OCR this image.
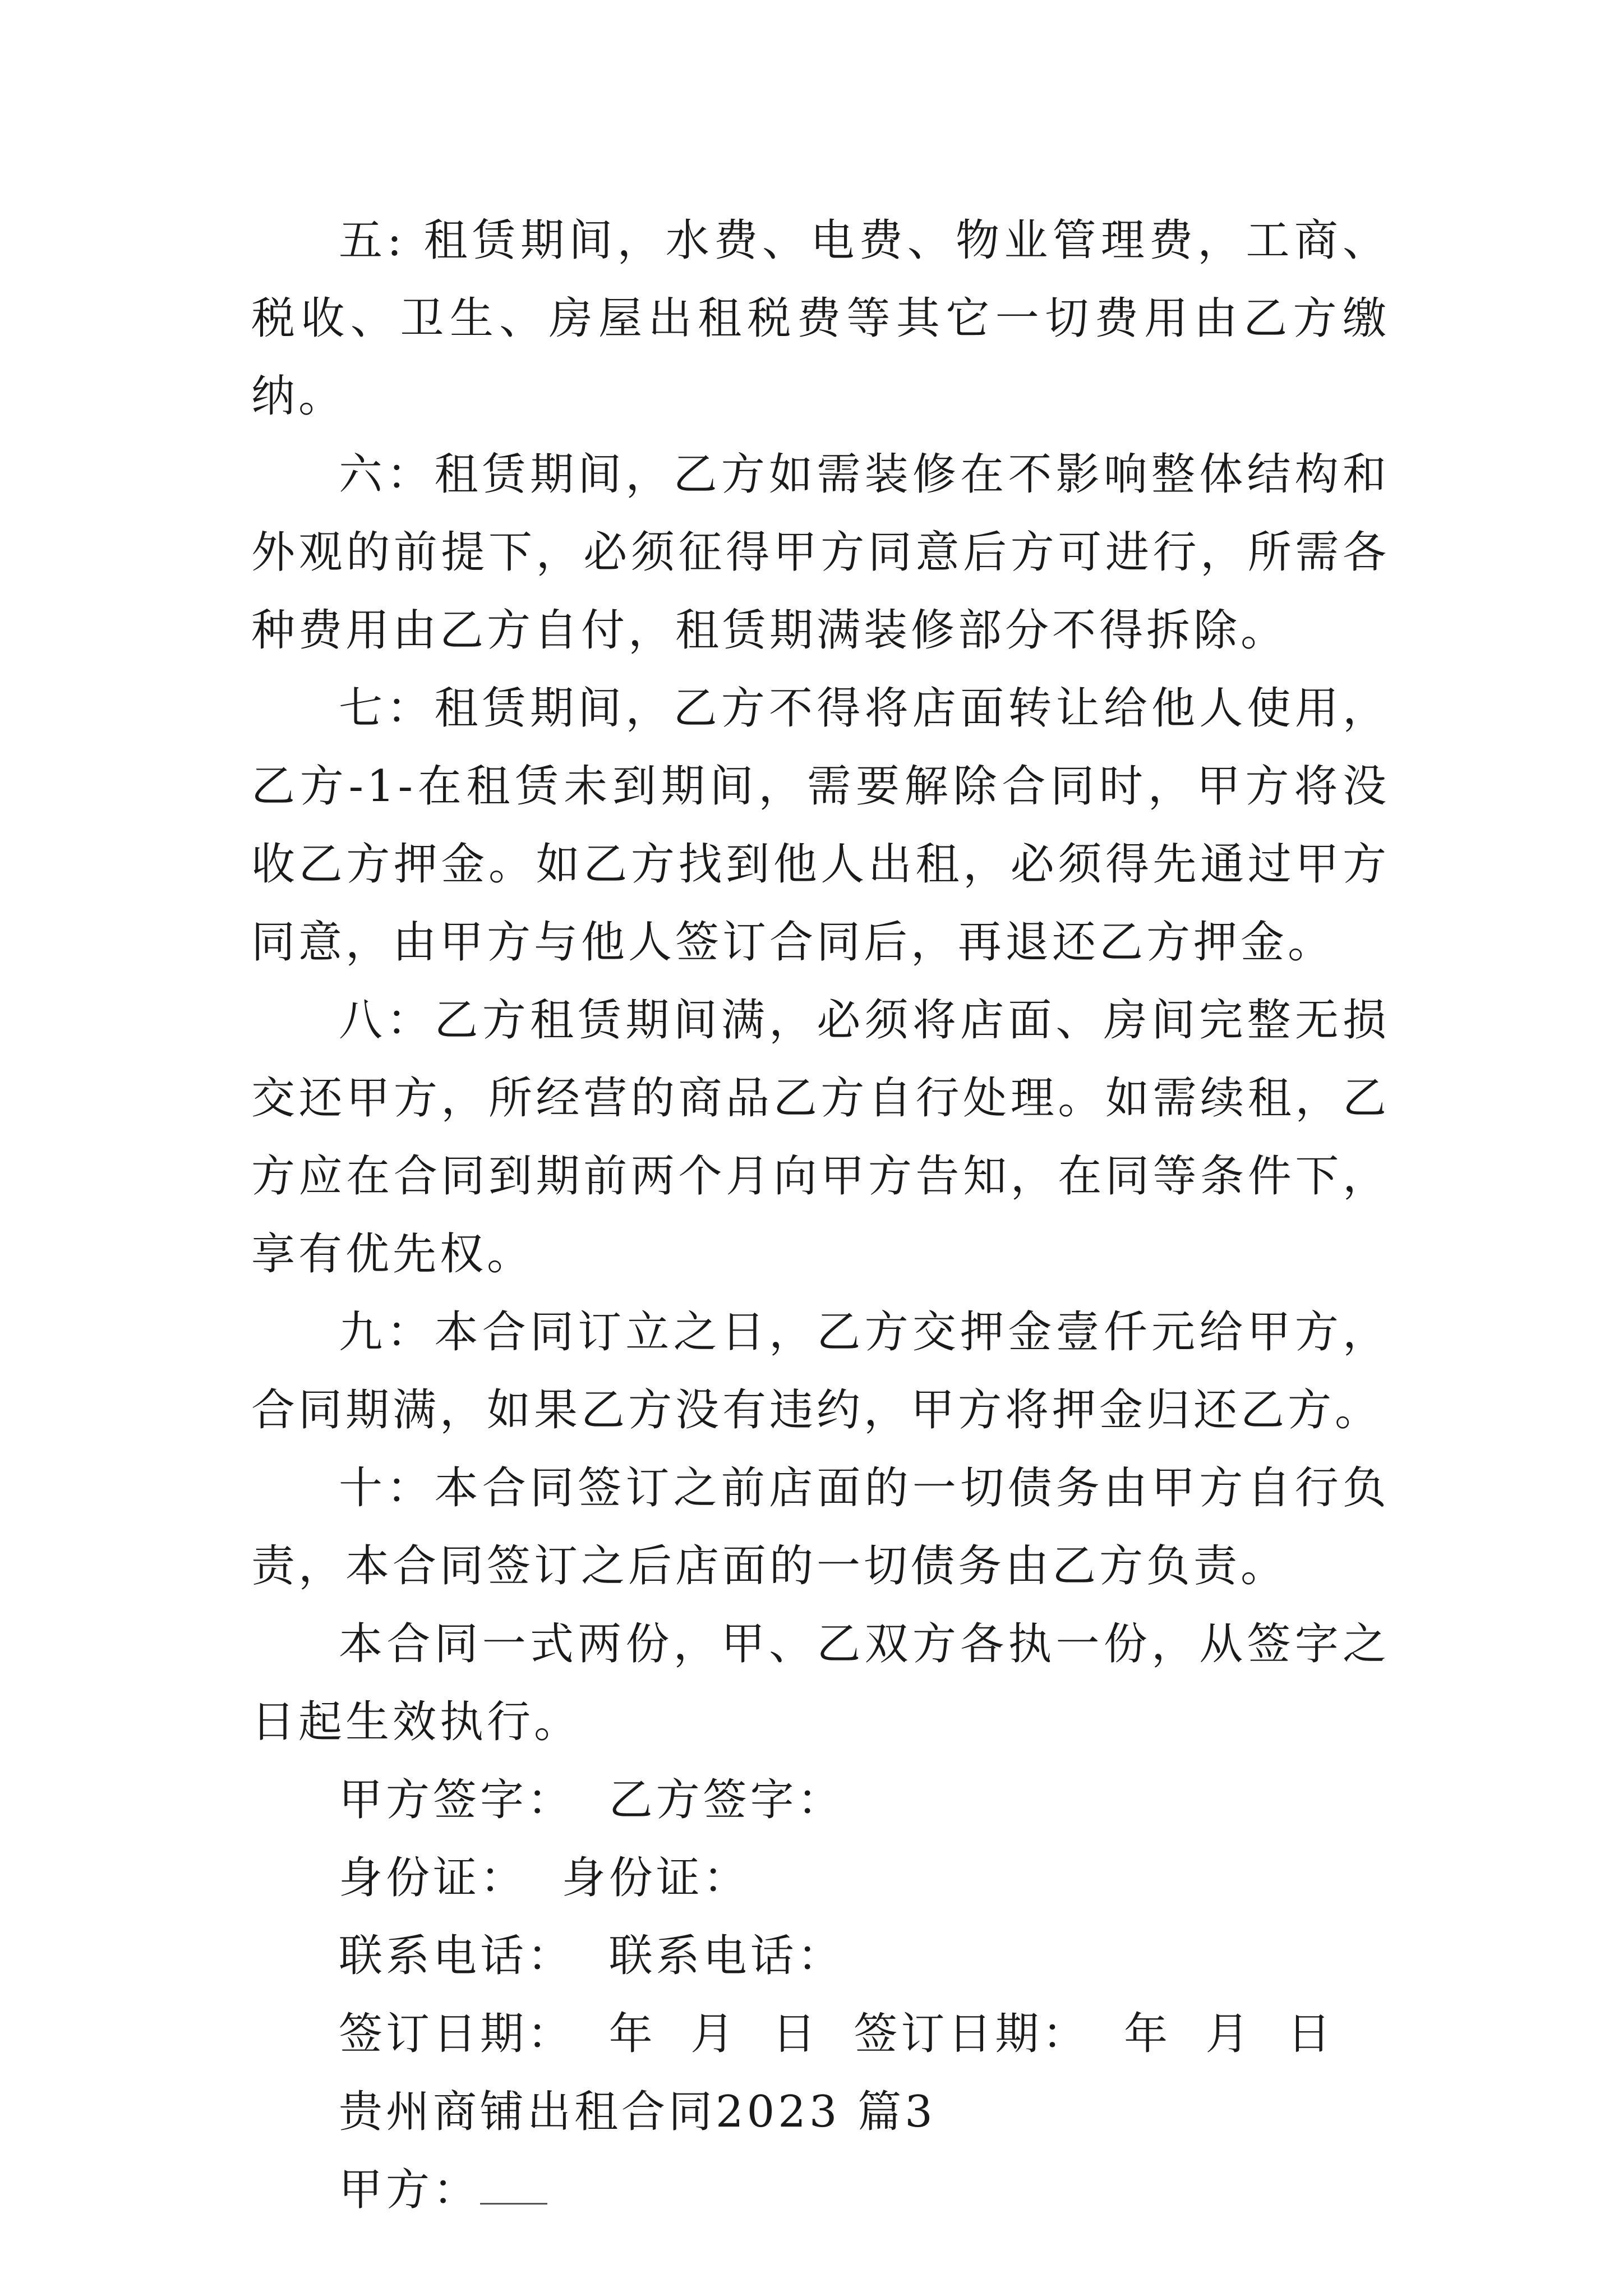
五: 租赁期间，水费、电费、物业管理费，工商、税收、卫生、房屋出租税费等其它一切费用由乙方缴纳。

六：租赁期间，乙方如需装修在不影响整体结构和外观的前提下，必须征得甲方同意后方可进行，所需各种费用由乙方自付，租赁期满装修部分不得拆除。

七：租赁期间，乙方不得将店面转让给他人使用，乙方-1-在租赁未到期间，需要解除合同时，甲方将没收乙方押金。如乙方找到他人出租，必须得先通过甲方同意，由甲方与他人签订合同后，再退还乙方押金。

八：乙方租赁期间满，必须将店面、房间完整无损交还甲方，所经营的商品乙方自行处理。如需续租，乙方应在合同到期前两个月向甲方告知，在同等条件下，享有优先权。

九：本合同订立之日，乙方交押金壹仟元给甲方，合同期满，如果乙方没有违约，甲方将押金归还乙方。

十：本合同签订之前店面的一切债务由甲方自行负责，本合同签订之后店面的一切债务由乙方负责。

本合同一式两份，甲、乙双方各执一份，从签字之日起生效执行。

甲方签字：  乙方签字：

身份证：  身份证：

联系电话：  联系电话：

签订日期：  年  月  日  签订日期：  年  月  日

贵州商铺出租合同2023 篇3

甲方：
